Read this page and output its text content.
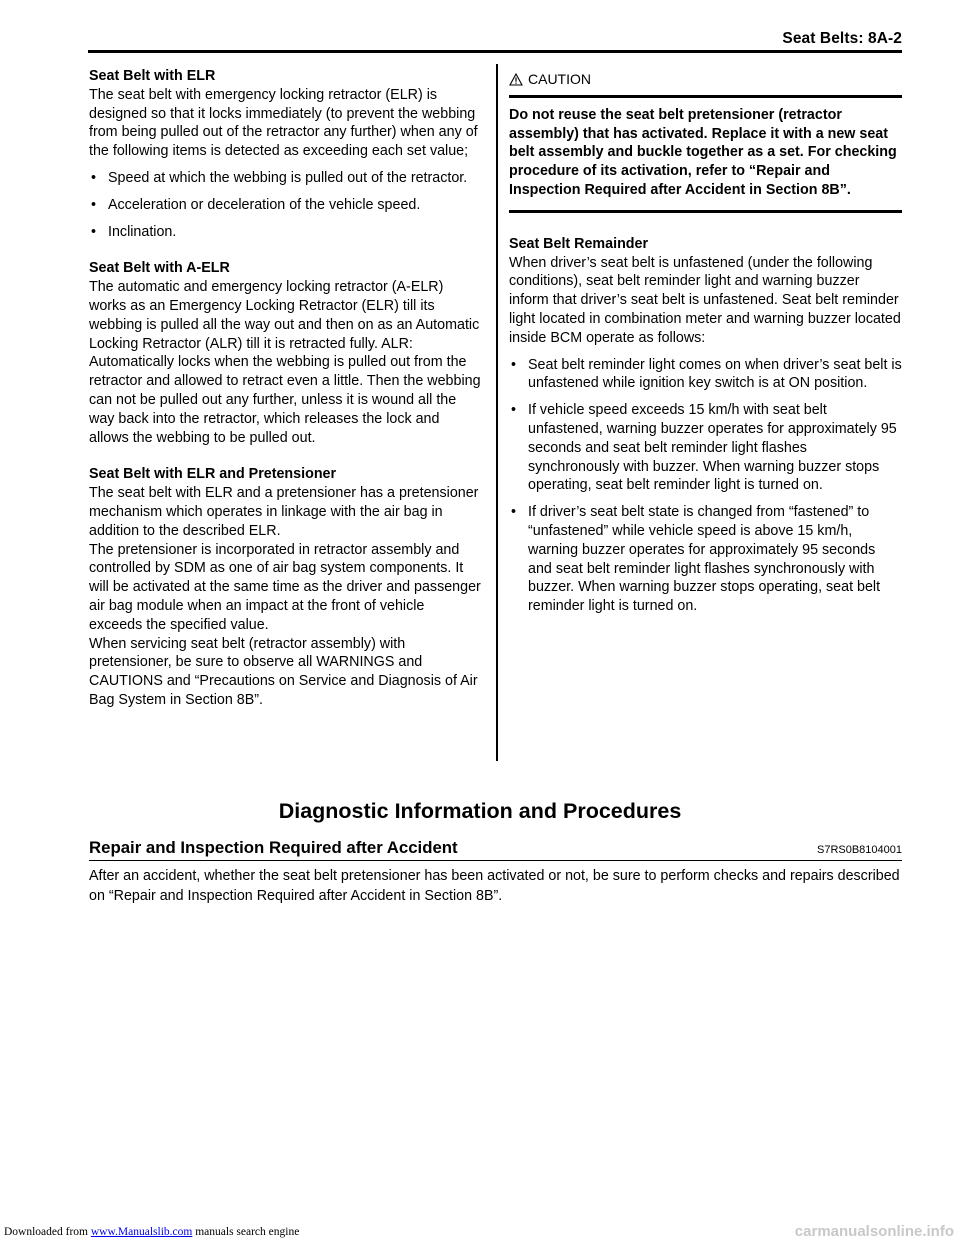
Seat Belts: 8A-2
Seat Belt with ELR

The seat belt with emergency locking retractor (ELR) is designed so that it locks immediately (to prevent the webbing from being pulled out of the retractor any further) when any of the following items is detected as exceeding each set value;

• Speed at which the webbing is pulled out of the retractor.
• Acceleration or deceleration of the vehicle speed.
• Inclination.
Seat Belt with A-ELR

The automatic and emergency locking retractor (A-ELR) works as an Emergency Locking Retractor (ELR) till its webbing is pulled all the way out and then on as an Automatic Locking Retractor (ALR) till it is retracted fully. ALR: Automatically locks when the webbing is pulled out from the retractor and allowed to retract even a little. Then the webbing can not be pulled out any further, unless it is wound all the way back into the retractor, which releases the lock and allows the webbing to be pulled out.

Seat Belt with ELR and Pretensioner

The seat belt with ELR and a pretensioner has a pretensioner mechanism which operates in linkage with the air bag in addition to the described ELR.

The pretensioner is incorporated in retractor assembly and controlled by SDM as one of air bag system components. It will be activated at the same time as the driver and passenger air bag module when an impact at the front of vehicle exceeds the specified value.

When servicing seat belt (retractor assembly) with pretensioner, be sure to observe all WARNINGS and CAUTIONS and “Precautions on Service and Diagnosis of Air Bag System in Section 8B”.

CAUTION
Do not reuse the seat belt pretensioner (retractor assembly) that has activated. Replace it with a new seat belt assembly and buckle together as a set. For checking procedure of its activation, refer to “Repair and Inspection Required after Accident in Section 8B”.
Seat Belt Remainder

When driver’s seat belt is unfastened (under the following conditions), seat belt reminder light and warning buzzer inform that driver’s seat belt is unfastened. Seat belt reminder light located in combination meter and warning buzzer located inside BCM operate as follows:

• Seat belt reminder light comes on when driver’s seat belt is unfastened while ignition key switch is at ON position.
• If vehicle speed exceeds 15 km/h with seat belt unfastened, warning buzzer operates for approximately 95 seconds and seat belt reminder light flashes synchronously with buzzer. When warning buzzer stops operating, seat belt reminder light is turned on.
• If driver’s seat belt state is changed from “fastened” to “unfastened” while vehicle speed is above 15 km/h, warning buzzer operates for approximately 95 seconds and seat belt reminder light flashes synchronously with buzzer. When warning buzzer stops operating, seat belt reminder light is turned on.
Diagnostic Information and Procedures
Repair and Inspection Required after Accident	S7RS0B8104001
After an accident, whether the seat belt pretensioner has been activated or not, be sure to perform checks and repairs described on “Repair and Inspection Required after Accident in Section 8B”.
Downloaded from www.Manualslib.com manuals search engine	carmanualsonline.info
